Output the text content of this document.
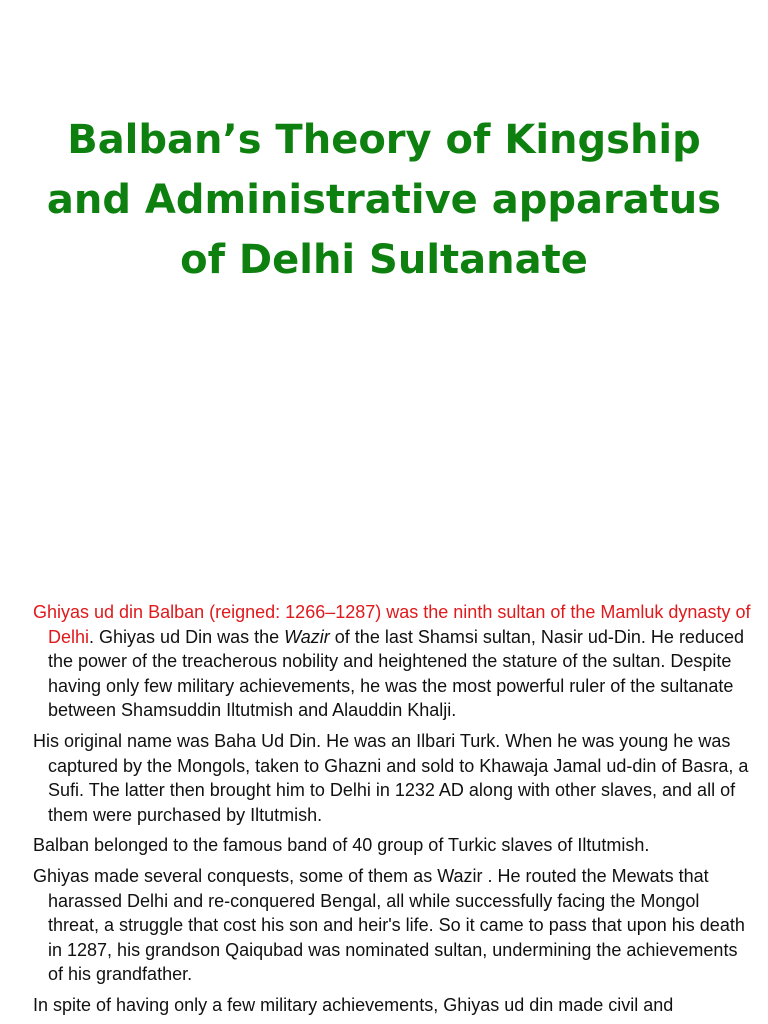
Balban’s Theory of Kingship
and Administrative apparatus
of Delhi Sultanate

Ghiyas ud din Balban (reigned: 1266–1287) was the ninth sultan of the Mamluk dynasty of Delhi. Ghiyas ud Din was the Wazir of the last Shamsi sultan, Nasir ud-Din. He reduced the power of the treacherous nobility and heightened the stature of the sultan. Despite having only few military achievements, he was the most powerful ruler of the sultanate between Shamsuddin Iltutmish and Alauddin Khalji.

His original name was Baha Ud Din. He was an Ilbari Turk. When he was young he was captured by the Mongols, taken to Ghazni and sold to Khawaja Jamal ud-din of Basra, a Sufi. The latter then brought him to Delhi in 1232 AD along with other slaves, and all of them were purchased by Iltutmish.

Balban belonged to the famous band of 40 group of Turkic slaves of Iltutmish.

Ghiyas made several conquests, some of them as Wazir . He routed the Mewats that harassed Delhi and re-conquered Bengal, all while successfully facing the Mongol threat, a struggle that cost his son and heir's life. So it came to pass that upon his death in 1287, his grandson Qaiqubad was nominated sultan, undermining the achievements of his grandfather.

In spite of having only a few military achievements, Ghiyas ud din made civil and
